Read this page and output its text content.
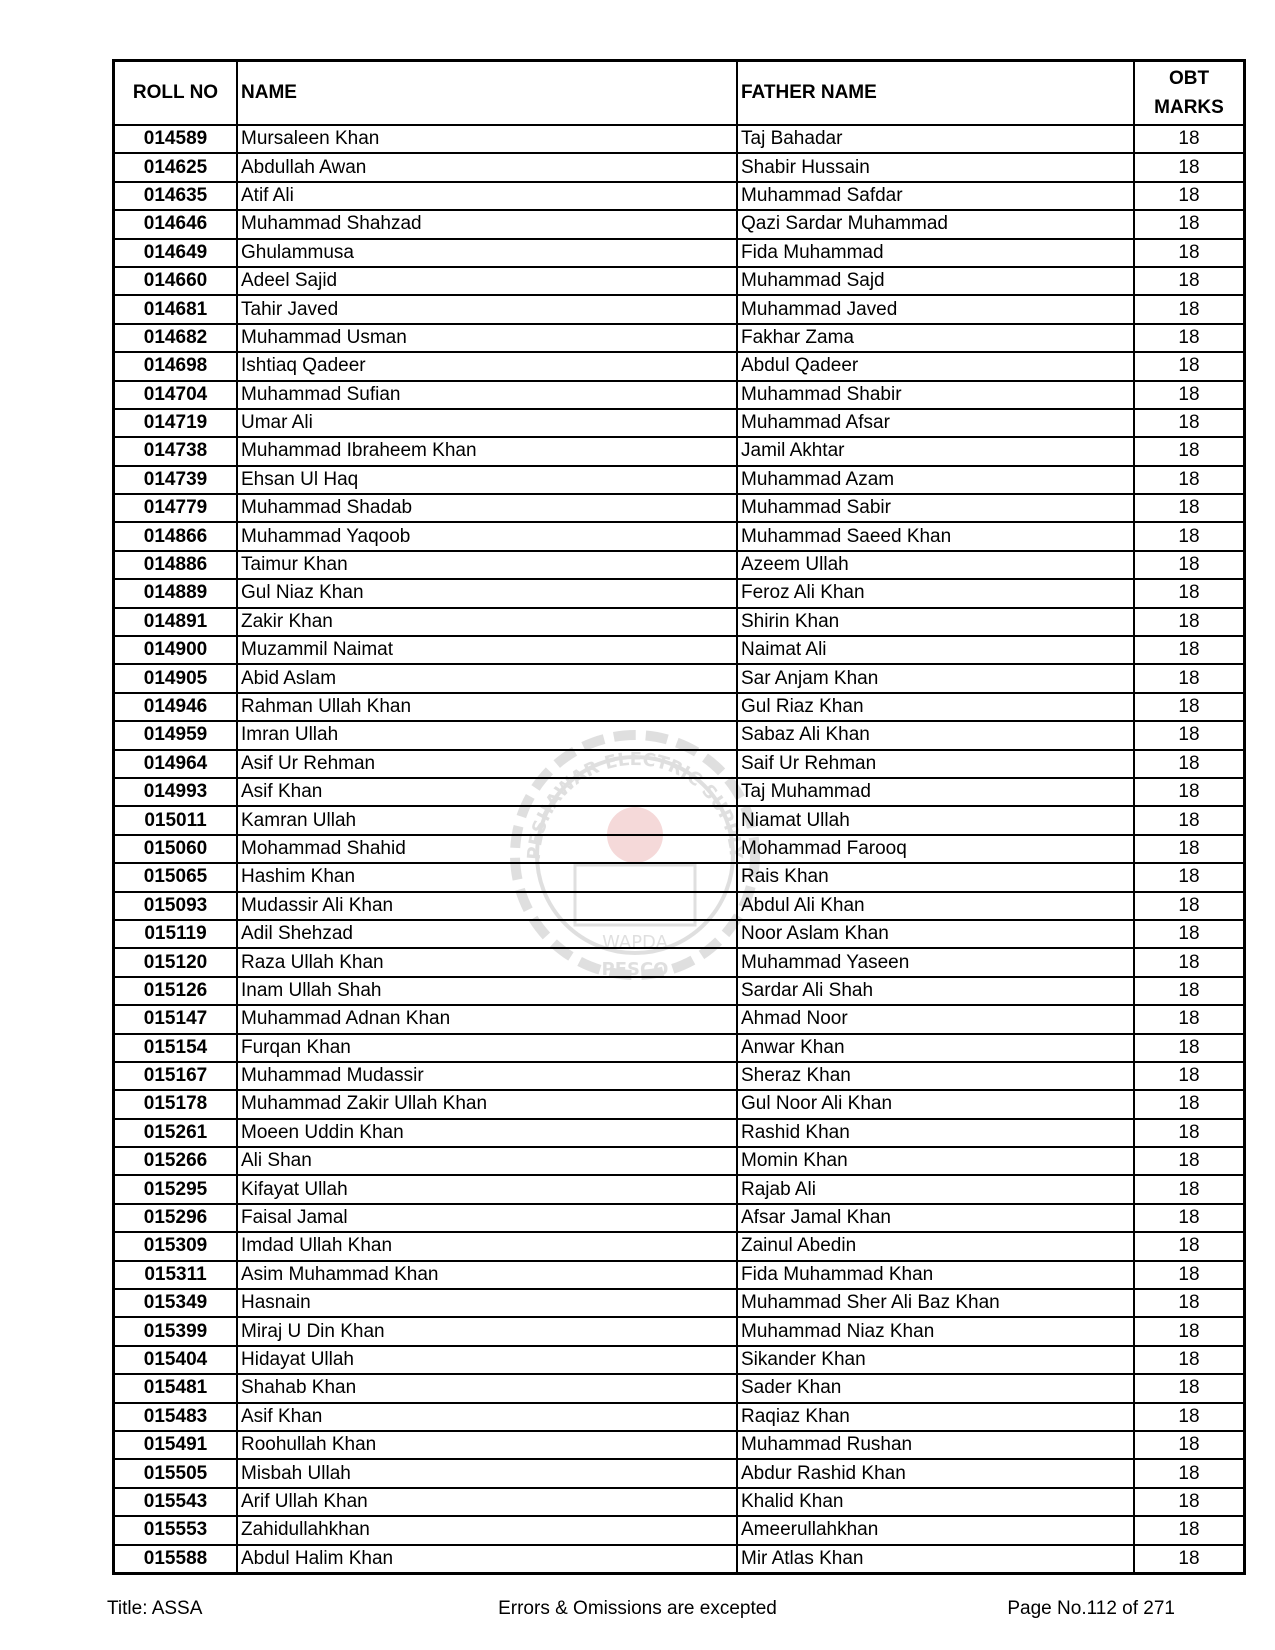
PESHAWAR ELECTRIC SUPPLY
WAPDA
PESCO
ROLL NO	NAME	FATHER NAME	OBT
MARKS
014589	Mursaleen Khan	Taj Bahadar	18
014625	Abdullah Awan	Shabir Hussain	18
014635	Atif Ali	Muhammad Safdar	18
014646	Muhammad Shahzad	Qazi Sardar Muhammad	18
014649	Ghulammusa	Fida Muhammad	18
014660	Adeel Sajid	Muhammad Sajd	18
014681	Tahir Javed	Muhammad Javed	18
014682	Muhammad Usman	Fakhar Zama	18
014698	Ishtiaq Qadeer	Abdul Qadeer	18
014704	Muhammad Sufian	Muhammad Shabir	18
014719	Umar Ali	Muhammad Afsar	18
014738	Muhammad Ibraheem Khan	Jamil Akhtar	18
014739	Ehsan Ul Haq	Muhammad Azam	18
014779	Muhammad Shadab	Muhammad Sabir	18
014866	Muhammad Yaqoob	Muhammad Saeed Khan	18
014886	Taimur Khan	Azeem Ullah	18
014889	Gul Niaz Khan	Feroz Ali Khan	18
014891	Zakir Khan	Shirin Khan	18
014900	Muzammil Naimat	Naimat Ali	18
014905	Abid Aslam	Sar Anjam Khan	18
014946	Rahman Ullah Khan	Gul Riaz Khan	18
014959	Imran Ullah	Sabaz Ali Khan	18
014964	Asif Ur Rehman	Saif Ur Rehman	18
014993	Asif Khan	Taj Muhammad	18
015011	Kamran Ullah	Niamat Ullah	18
015060	Mohammad Shahid	Mohammad Farooq	18
015065	Hashim Khan	Rais Khan	18
015093	Mudassir Ali Khan	Abdul Ali Khan	18
015119	Adil Shehzad	Noor Aslam Khan	18
015120	Raza Ullah Khan	Muhammad Yaseen	18
015126	Inam Ullah Shah	Sardar Ali Shah	18
015147	Muhammad Adnan Khan	Ahmad Noor	18
015154	Furqan Khan	Anwar Khan	18
015167	Muhammad Mudassir	Sheraz Khan	18
015178	Muhammad Zakir Ullah Khan	Gul Noor Ali Khan	18
015261	Moeen Uddin Khan	Rashid Khan	18
015266	Ali Shan	Momin Khan	18
015295	Kifayat Ullah	Rajab Ali	18
015296	Faisal Jamal	Afsar Jamal Khan	18
015309	Imdad Ullah Khan	Zainul Abedin	18
015311	Asim Muhammad Khan	Fida Muhammad Khan	18
015349	Hasnain	Muhammad Sher Ali Baz Khan	18
015399	Miraj U Din Khan	Muhammad Niaz Khan	18
015404	Hidayat Ullah	Sikander Khan	18
015481	Shahab Khan	Sader Khan	18
015483	Asif Khan	Raqiaz Khan	18
015491	Roohullah Khan	Muhammad Rushan	18
015505	Misbah Ullah	Abdur Rashid Khan	18
015543	Arif Ullah Khan	Khalid Khan	18
015553	Zahidullahkhan	Ameerullahkhan	18
015588	Abdul Halim Khan	Mir Atlas Khan	18
Title: ASSA	Errors & Omissions are excepted	Page No.112 of 271
